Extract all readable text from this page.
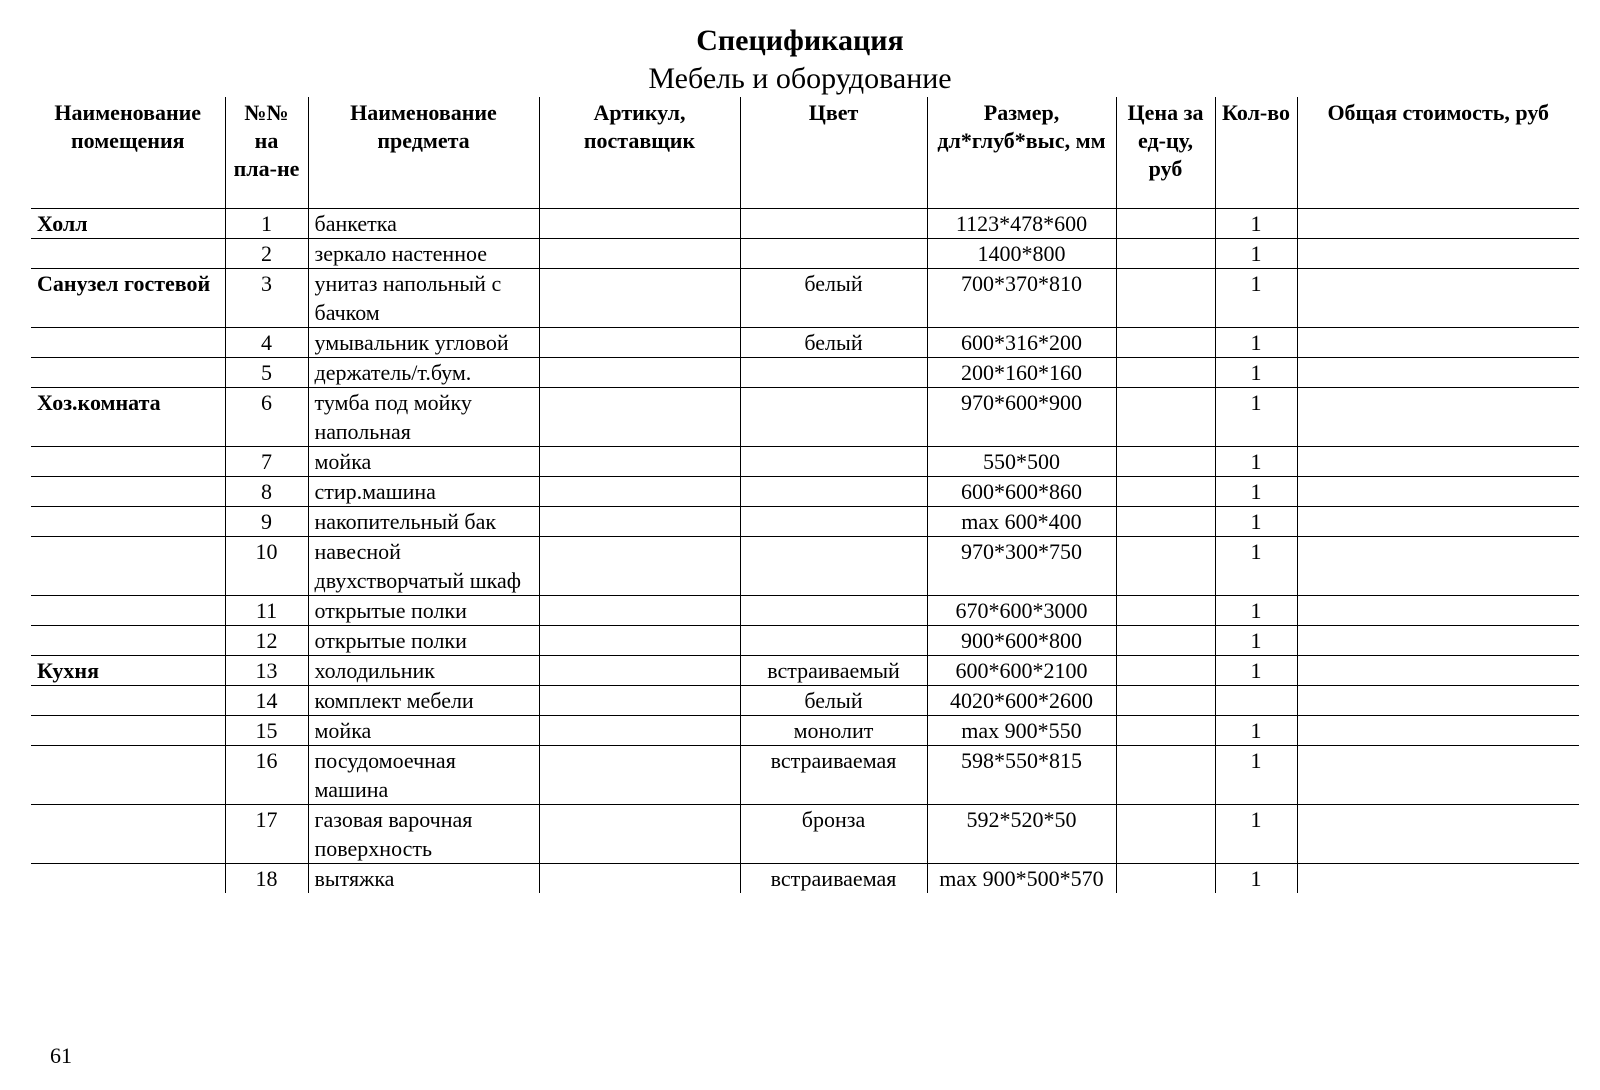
Спецификация
Мебель и оборудование
Наименование помещения	№№ на пла-не	Наименование предмета	Артикул, поставщик	Цвет	Размер, дл*глуб*выс, мм	Цена за ед-цу, руб	Кол-во	Общая стоимость, руб
Холл	1	банкетка			1123*478*600		1	
	2	зеркало настенное			1400*800		1	
Санузел гостевой	3	унитаз напольный с бачком		белый	700*370*810		1	
	4	умывальник угловой		белый	600*316*200		1	
	5	держатель/т.бум.			200*160*160		1	
Хоз.комната	6	тумба под мойку напольная			970*600*900		1	
	7	мойка			550*500		1	
	8	стир.машина			600*600*860		1	
	9	накопительный бак			max 600*400		1	
	10	навесной двухстворчатый шкаф			970*300*750		1	
	11	открытые полки			670*600*3000		1	
	12	открытые полки			900*600*800		1	
Кухня	13	холодильник		встраиваемый	600*600*2100		1	
	14	комплект мебели		белый	4020*600*2600			
	15	мойка		монолит	max 900*550		1	
	16	посудомоечная машина		встраиваемая	598*550*815		1	
	17	газовая варочная поверхность		бронза	592*520*50		1	
	18	вытяжка		встраиваемая	max 900*500*570		1	
61
